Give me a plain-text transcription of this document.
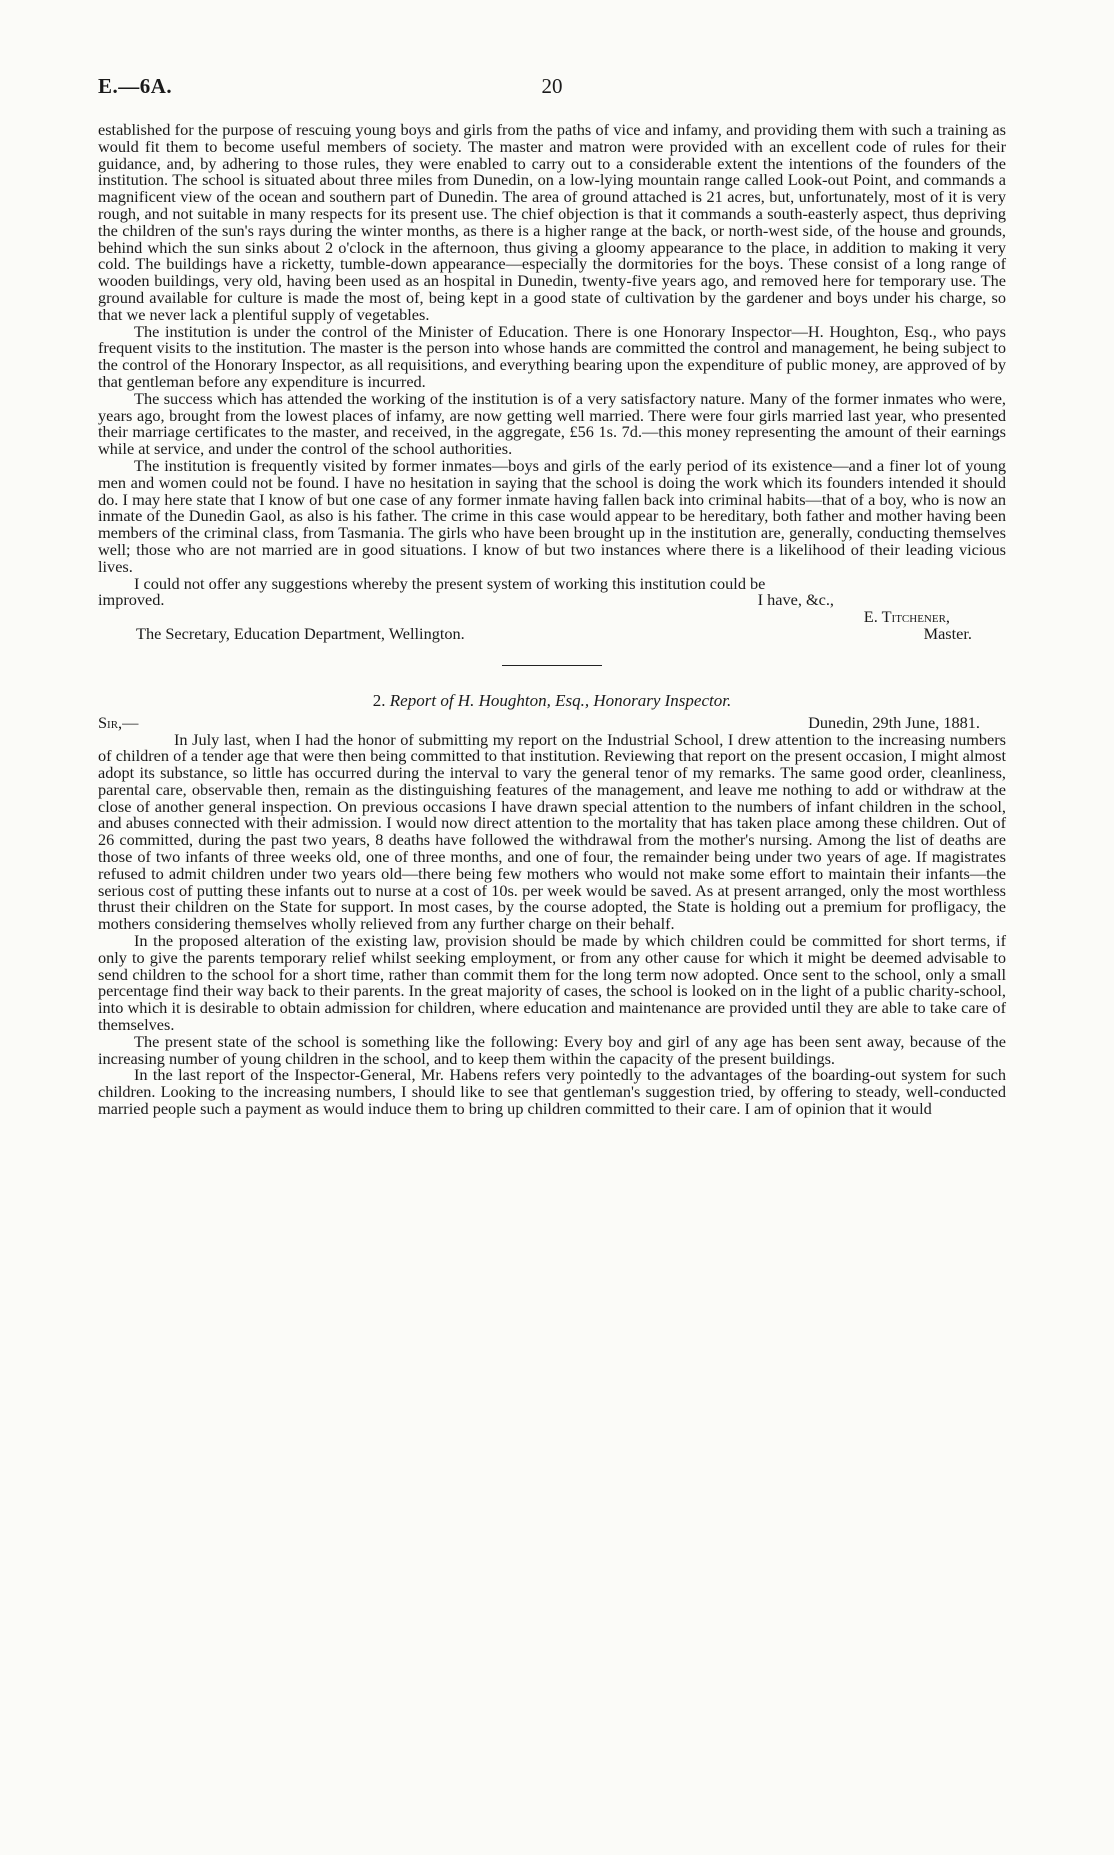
E.—6A.	20

established for the purpose of rescuing young boys and girls from the paths of vice and infamy, and providing them with such a training as would fit them to become useful members of society. The master and matron were provided with an excellent code of rules for their guidance, and, by adhering to those rules, they were enabled to carry out to a considerable extent the intentions of the founders of the institution. The school is situated about three miles from Dunedin, on a low-lying mountain range called Look-out Point, and commands a magnificent view of the ocean and southern part of Dunedin. The area of ground attached is 21 acres, but, unfortunately, most of it is very rough, and not suitable in many respects for its present use. The chief objection is that it commands a south-easterly aspect, thus depriving the children of the sun's rays during the winter months, as there is a higher range at the back, or north-west side, of the house and grounds, behind which the sun sinks about 2 o'clock in the afternoon, thus giving a gloomy appearance to the place, in addition to making it very cold. The buildings have a ricketty, tumble-down appearance—especially the dormitories for the boys. These consist of a long range of wooden buildings, very old, having been used as an hospital in Dunedin, twenty-five years ago, and removed here for temporary use. The ground available for culture is made the most of, being kept in a good state of cultivation by the gardener and boys under his charge, so that we never lack a plentiful supply of vegetables.

The institution is under the control of the Minister of Education. There is one Honorary Inspector—H. Houghton, Esq., who pays frequent visits to the institution. The master is the person into whose hands are committed the control and management, he being subject to the control of the Honorary Inspector, as all requisitions, and everything bearing upon the expenditure of public money, are approved of by that gentleman before any expenditure is incurred.

The success which has attended the working of the institution is of a very satisfactory nature. Many of the former inmates who were, years ago, brought from the lowest places of infamy, are now getting well married. There were four girls married last year, who presented their marriage certificates to the master, and received, in the aggregate, £56 1s. 7d.—this money representing the amount of their earnings while at service, and under the control of the school authorities.

The institution is frequently visited by former inmates—boys and girls of the early period of its existence—and a finer lot of young men and women could not be found. I have no hesitation in saying that the school is doing the work which its founders intended it should do. I may here state that I know of but one case of any former inmate having fallen back into criminal habits—that of a boy, who is now an inmate of the Dunedin Gaol, as also is his father. The crime in this case would appear to be hereditary, both father and mother having been members of the criminal class, from Tasmania. The girls who have been brought up in the institution are, generally, conducting themselves well; those who are not married are in good situations. I know of but two instances where there is a likelihood of their leading vicious lives.

I could not offer any suggestions whereby the present system of working this institution could be

improved.	I have, &c.,
E. Titchener,
The Secretary, Education Department, Wellington.	Master.
2. Report of H. Houghton, Esq., Honorary Inspector.
Sir,—	Dunedin, 29th June, 1881.

In July last, when I had the honor of submitting my report on the Industrial School, I drew attention to the increasing numbers of children of a tender age that were then being committed to that institution. Reviewing that report on the present occasion, I might almost adopt its substance, so little has occurred during the interval to vary the general tenor of my remarks. The same good order, cleanliness, parental care, observable then, remain as the distinguishing features of the management, and leave me nothing to add or withdraw at the close of another general inspection. On previous occasions I have drawn special attention to the numbers of infant children in the school, and abuses connected with their admission. I would now direct attention to the mortality that has taken place among these children. Out of 26 committed, during the past two years, 8 deaths have followed the withdrawal from the mother's nursing. Among the list of deaths are those of two infants of three weeks old, one of three months, and one of four, the remainder being under two years of age. If magistrates refused to admit children under two years old—there being few mothers who would not make some effort to maintain their infants—the serious cost of putting these infants out to nurse at a cost of 10s. per week would be saved. As at present arranged, only the most worthless thrust their children on the State for support. In most cases, by the course adopted, the State is holding out a premium for profligacy, the mothers considering themselves wholly relieved from any further charge on their behalf.

In the proposed alteration of the existing law, provision should be made by which children could be committed for short terms, if only to give the parents temporary relief whilst seeking employment, or from any other cause for which it might be deemed advisable to send children to the school for a short time, rather than commit them for the long term now adopted. Once sent to the school, only a small percentage find their way back to their parents. In the great majority of cases, the school is looked on in the light of a public charity-school, into which it is desirable to obtain admission for children, where education and maintenance are provided until they are able to take care of themselves.

The present state of the school is something like the following: Every boy and girl of any age has been sent away, because of the increasing number of young children in the school, and to keep them within the capacity of the present buildings.

In the last report of the Inspector-General, Mr. Habens refers very pointedly to the advantages of the boarding-out system for such children. Looking to the increasing numbers, I should like to see that gentleman's suggestion tried, by offering to steady, well-conducted married people such a payment as would induce them to bring up children committed to their care. I am of opinion that it would
